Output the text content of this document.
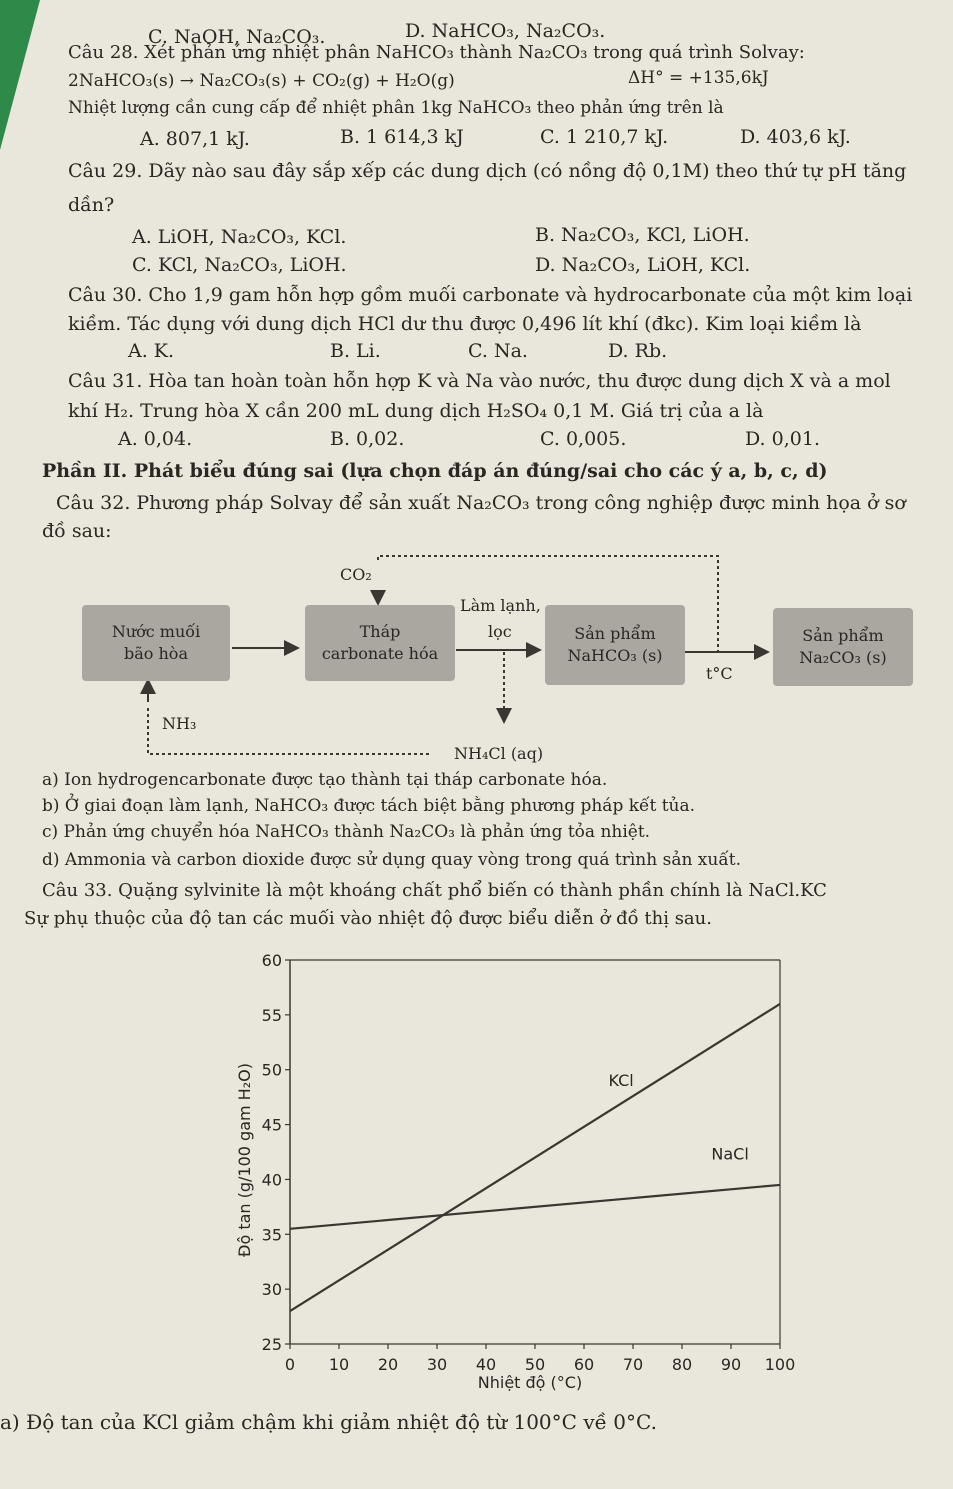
C. NaOH, Na₂CO₃.	D. NaHCO₃, Na₂CO₃.
Câu 28. Xét phản ứng nhiệt phân NaHCO₃ thành Na₂CO₃ trong quá trình Solvay:
2NaHCO₃(s) → Na₂CO₃(s) + CO₂(g) + H₂O(g)	ΔH° = +135,6kJ
Nhiệt lượng cần cung cấp để nhiệt phân 1kg NaHCO₃ theo phản ứng trên là
A. 807,1 kJ.	B. 1 614,3 kJ	C. 1 210,7 kJ.	D. 403,6 kJ.
Câu 29. Dãy nào sau đây sắp xếp các dung dịch (có nồng độ 0,1M) theo thứ tự pH tăng
dần?
A. LiOH, Na₂CO₃, KCl.	B. Na₂CO₃, KCl, LiOH.
C. KCl, Na₂CO₃, LiOH.	D. Na₂CO₃, LiOH, KCl.
Câu 30. Cho 1,9 gam hỗn hợp gồm muối carbonate và hydrocarbonate của một kim loại
kiềm. Tác dụng với dung dịch HCl dư thu được 0,496 lít khí (đkc). Kim loại kiềm là
A. K.	B. Li.	C. Na.	D. Rb.
Câu 31. Hòa tan hoàn toàn hỗn hợp K và Na vào nước, thu được dung dịch X và a mol
khí H₂. Trung hòa X cần 200 mL dung dịch H₂SO₄ 0,1 M. Giá trị của a là
A. 0,04.	B. 0,02.	C. 0,005.	D. 0,01.
Phần II. Phát biểu đúng sai (lựa chọn đáp án đúng/sai cho các ý a, b, c, d)
Câu 32. Phương pháp Solvay để sản xuất Na₂CO₃ trong công nghiệp được minh họa ở sơ
đồ sau:
Nước muối
bão hòa
Tháp
carbonate hóa
Sản phẩm
NaHCO₃ (s)
Sản phẩm
Na₂CO₃ (s)
CO₂
Làm lạnh,
lọc
t°C
NH₃
NH₄Cl (aq)
a) Ion hydrogencarbonate được tạo thành tại tháp carbonate hóa.
b) Ở giai đoạn làm lạnh, NaHCO₃ được tách biệt bằng phương pháp kết tủa.
c) Phản ứng chuyển hóa NaHCO₃ thành Na₂CO₃ là phản ứng tỏa nhiệt.
d) Ammonia và carbon dioxide được sử dụng quay vòng trong quá trình sản xuất.
Câu 33. Quặng sylvinite là một khoáng chất phổ biến có thành phần chính là NaCl.KC
Sự phụ thuộc của độ tan các muối vào nhiệt độ được biểu diễn ở đồ thị sau.
25
30
35
40
45
50
55
60
0 10 20 30 40 50 60 70 80 90 100
KCl
NaCl
Nhiệt độ (°C)
Độ tan (g/100 gam H₂O)
a) Độ tan của KCl giảm chậm khi giảm nhiệt độ từ 100°C về 0°C.
